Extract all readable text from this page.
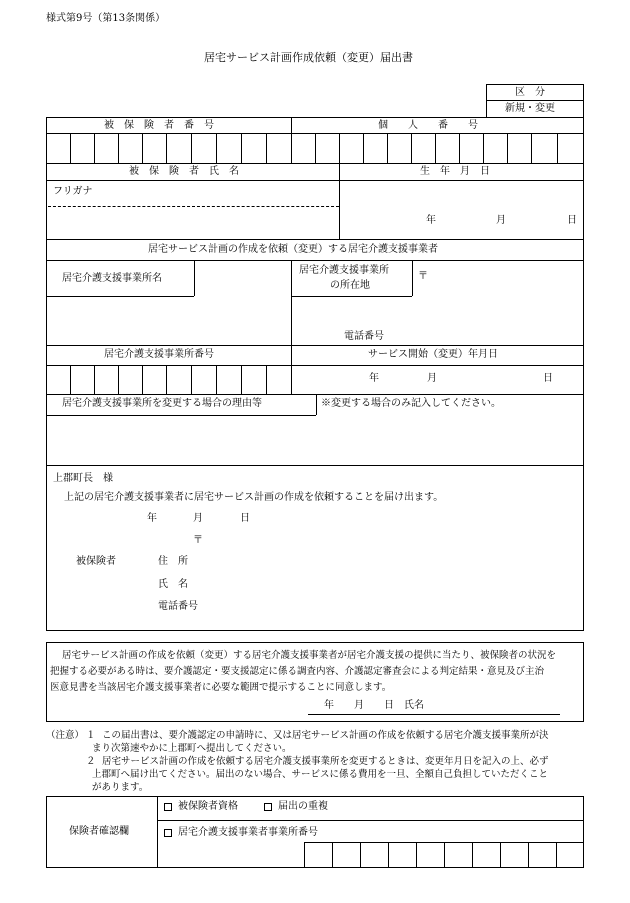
様式第9号（第13条関係）
居宅サービス計画作成依頼（変更）届出書
区　分
新規・変更
被　保　険　者　番　号	個　　人　　番　　号
被　保　険　者　氏　名	生　年　月　日
フリガナ
年	月	日
居宅サービス計画の作成を依頼（変更）する居宅介護支援事業者
居宅介護支援事業所名
居宅介護支援事業所
の所在地
〒
電話番号
居宅介護支援事業所番号	サービス開始（変更）年月日
年	月	日
居宅介護支援事業所を変更する場合の理由等	※変更する場合のみ記入してください。
上郡町長　様
上記の居宅介護支援事業者に居宅サービス計画の作成を依頼することを届け出ます。
年	月	日
〒
被保険者	住　所
氏　名
電話番号
居宅サービス計画の作成を依頼（変更）する居宅介護支援事業者が居宅介護支援の提供に当たり、被保険者の状況を
把握する必要がある時は、要介護認定・要支援認定に係る調査内容、介護認定審査会による判定結果・意見及び主治
医意見書を当該居宅介護支援事業者に必要な範囲で提示することに同意します。
年　　月　　日　氏名
（注意） １ この届出書は、要介護認定の申請時に、又は居宅サービス計画の作成を依頼する居宅介護支援事業所が決
まり次第速やかに上郡町へ提出してください。
２ 居宅サービス計画の作成を依頼する居宅介護支援事業所を変更するときは、変更年月日を記入の上、必ず
上郡町へ届け出てください。届出のない場合、サービスに係る費用を一旦、全額自己負担していただくこと
があります。
保険者確認欄
被保険者資格	届出の重複
居宅介護支援事業者事業所番号
